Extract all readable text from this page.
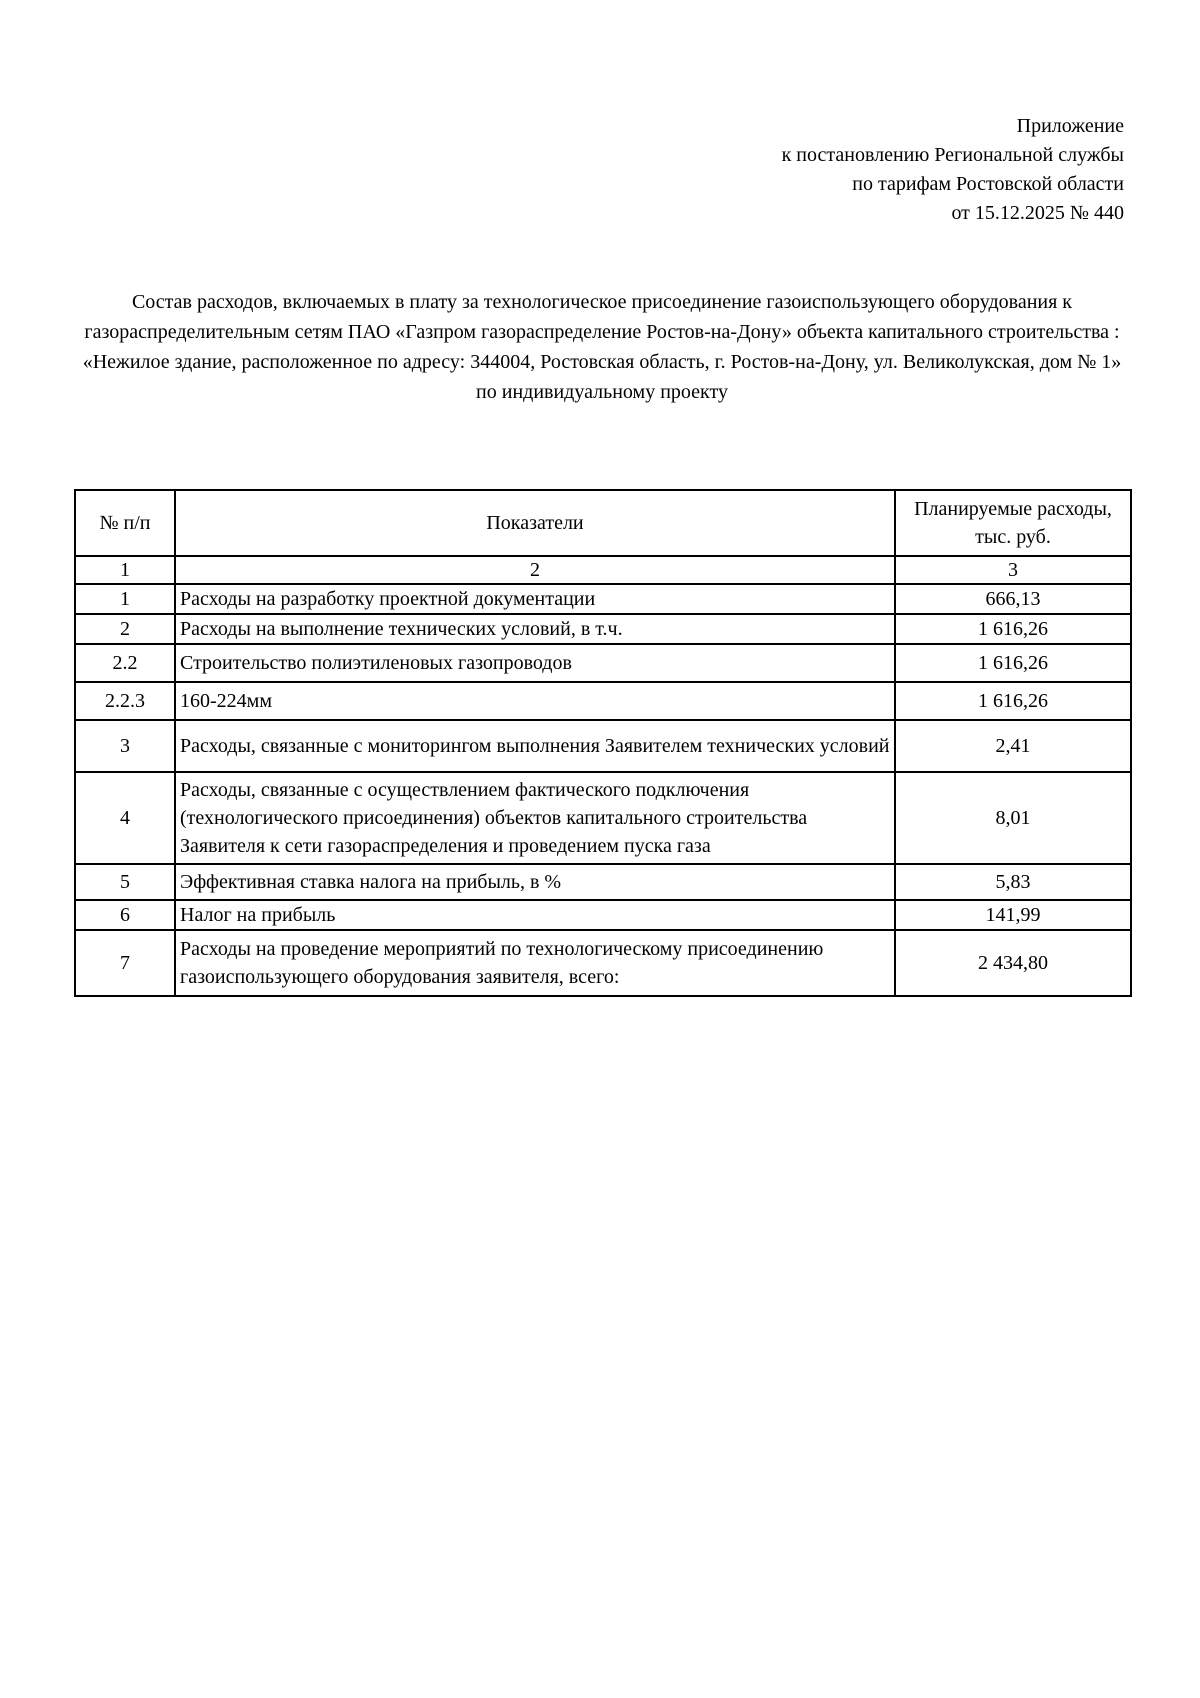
Приложение
к постановлению Региональной службы
по тарифам Ростовской области
от 15.12.2025 № 440
Состав расходов, включаемых в плату за технологическое присоединение газоиспользующего оборудования к газораспределительным сетям ПАО «Газпром газораспределение Ростов-на-Дону» объекта капитального строительства : «Нежилое здание, расположенное по адресу: 344004, Ростовская область, г. Ростов-на-Дону, ул. Великолукская, дом № 1» по индивидуальному проекту
№ п/п	Показатели	Планируемые расходы, тыс. руб.
1	2	3
1	Расходы на разработку проектной документации	666,13
2	Расходы на выполнение технических условий, в т.ч.	1 616,26
2.2	Строительство полиэтиленовых газопроводов	1 616,26
2.2.3	160-224мм	1 616,26
3	Расходы, связанные с мониторингом выполнения Заявителем технических условий	2,41
4	Расходы, связанные с осуществлением фактического подключения (технологического присоединения) объектов капитального строительства Заявителя к сети газораспределения и проведением пуска газа	8,01
5	Эффективная ставка налога на прибыль, в %	5,83
6	Налог на прибыль	141,99
7	Расходы на проведение мероприятий по технологическому присоединению газоиспользующего оборудования заявителя, всего:	2 434,80
